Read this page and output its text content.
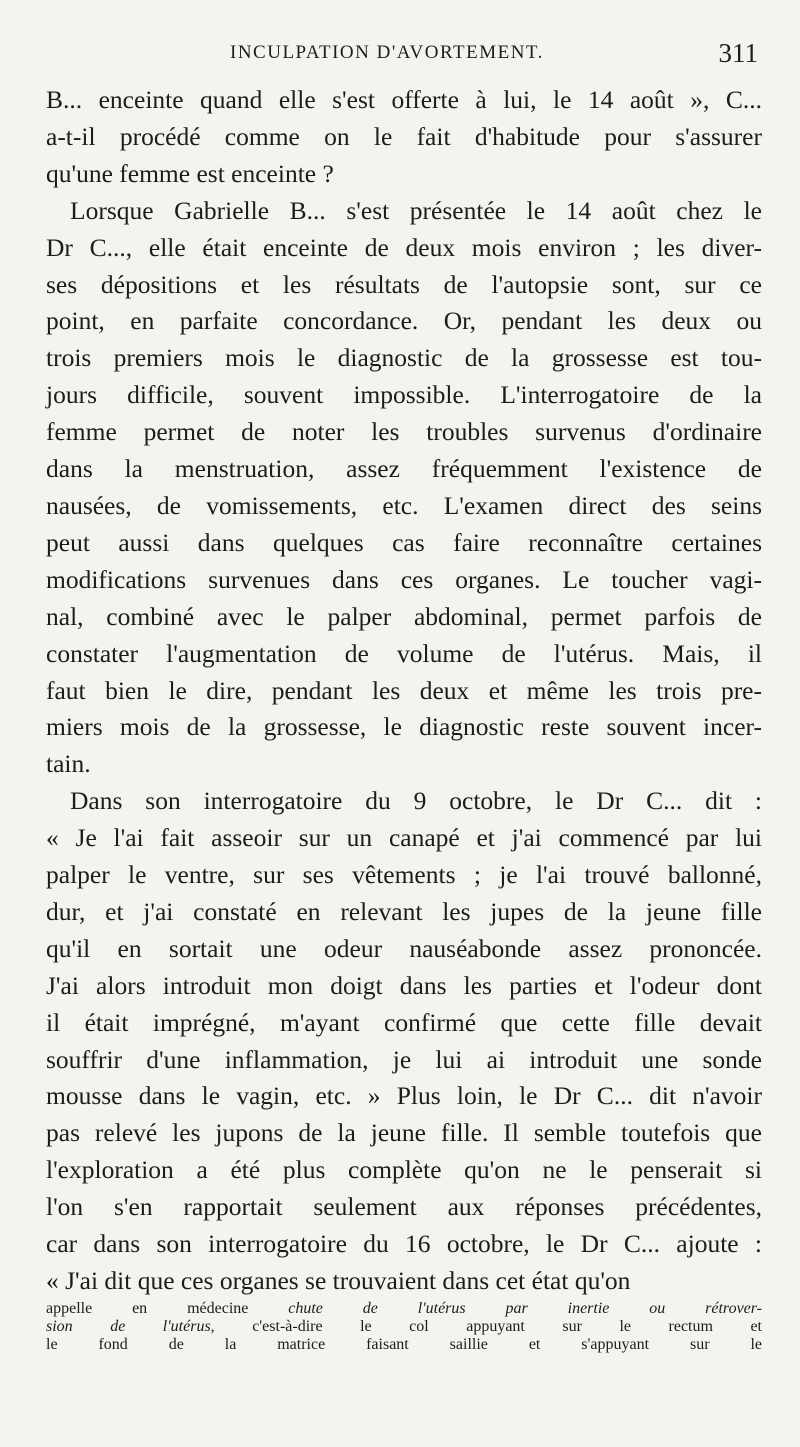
INCULPATION D'AVORTEMENT.	311
B... enceinte quand elle s'est offerte à lui, le 14 août », C...
a-t-il procédé comme on le fait d'habitude pour s'assurer
qu'une femme est enceinte ?
Lorsque Gabrielle B... s'est présentée le 14 août chez le
Dr C..., elle était enceinte de deux mois environ ; les diver-
ses dépositions et les résultats de l'autopsie sont, sur ce
point, en parfaite concordance. Or, pendant les deux ou
trois premiers mois le diagnostic de la grossesse est tou-
jours difficile, souvent impossible. L'interrogatoire de la
femme permet de noter les troubles survenus d'ordinaire
dans la menstruation, assez fréquemment l'existence de
nausées, de vomissements, etc. L'examen direct des seins
peut aussi dans quelques cas faire reconnaître certaines
modifications survenues dans ces organes. Le toucher vagi-
nal, combiné avec le palper abdominal, permet parfois de
constater l'augmentation de volume de l'utérus. Mais, il
faut bien le dire, pendant les deux et même les trois pre-
miers mois de la grossesse, le diagnostic reste souvent incer-
tain.
Dans son interrogatoire du 9 octobre, le Dr C... dit :
« Je l'ai fait asseoir sur un canapé et j'ai commencé par lui
palper le ventre, sur ses vêtements ; je l'ai trouvé ballonné,
dur, et j'ai constaté en relevant les jupes de la jeune fille
qu'il en sortait une odeur nauséabonde assez prononcée.
J'ai alors introduit mon doigt dans les parties et l'odeur dont
il était imprégné, m'ayant confirmé que cette fille devait
souffrir d'une inflammation, je lui ai introduit une sonde
mousse dans le vagin, etc. » Plus loin, le Dr C... dit n'avoir
pas relevé les jupons de la jeune fille. Il semble toutefois que
l'exploration a été plus complète qu'on ne le penserait si
l'on s'en rapportait seulement aux réponses précédentes,
car dans son interrogatoire du 16 octobre, le Dr C... ajoute :
« J'ai dit que ces organes se trouvaient dans cet état qu'on
appelle en médecine chute de l'utérus par inertie ou rétrover-
sion de l'utérus, c'est-à-dire le col appuyant sur le rectum et
le fond de la matrice faisant saillie et s'appuyant sur le
